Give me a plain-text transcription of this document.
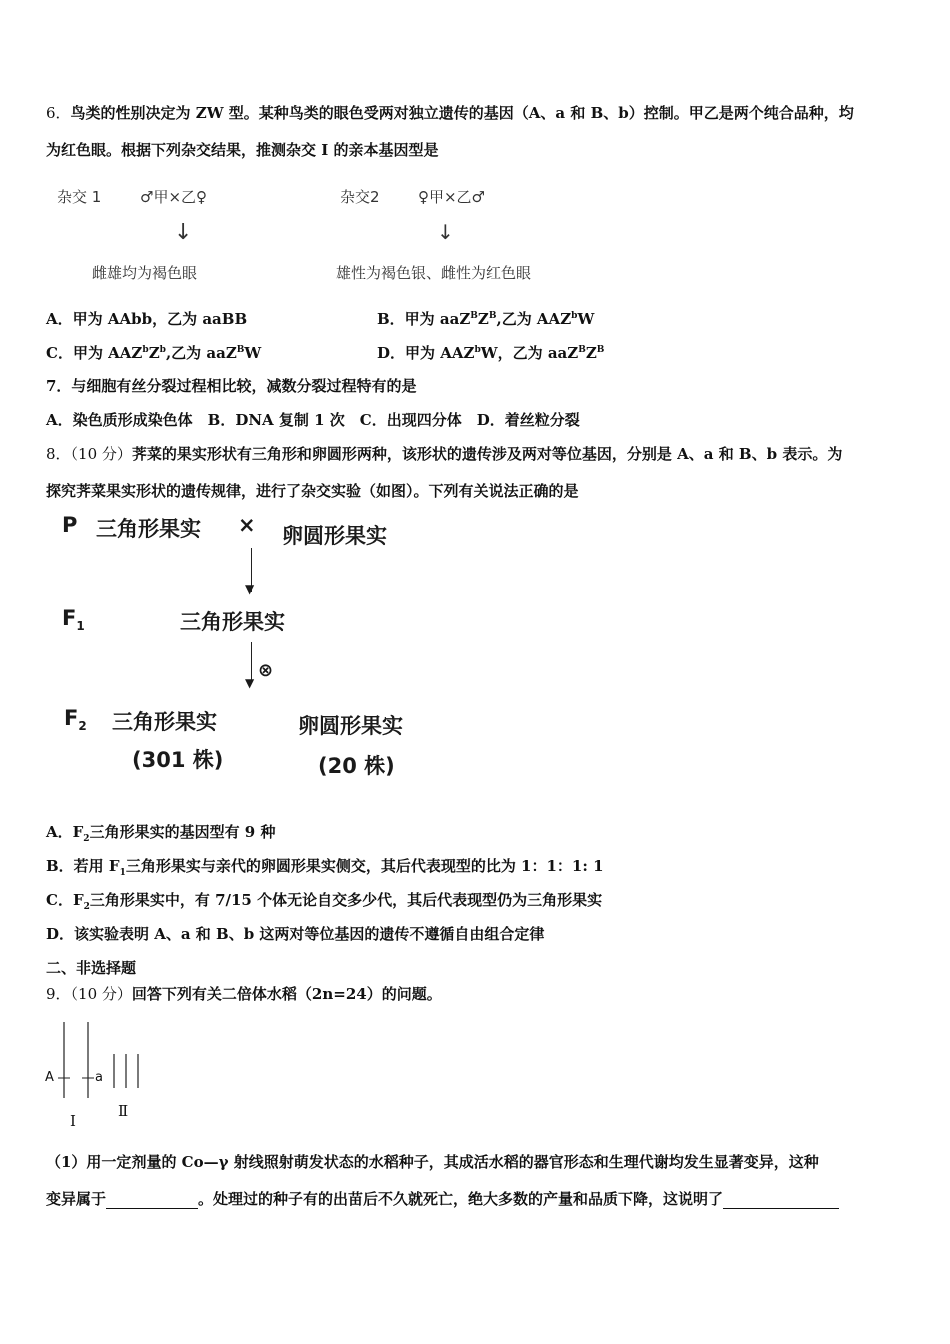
6．鸟类的性别决定为 ZW 型。某种鸟类的眼色受两对独立遗传的基因（A、a 和 B、b）控制。甲乙是两个纯合品种，均
为红色眼。根据下列杂交结果，推测杂交 I 的亲本基因型是
杂交 1	♂甲×乙♀
↓
雌雄均为褐色眼
杂交2	♀甲×乙♂
↓
雄性为褐色银、雌性为红色眼
A．甲为 AAbb，乙为 aaBB	B．甲为 $aaZ^BZ^B$,乙为 AAZ$^b$W
C．甲为 $AAZ^bZ^b$,乙为 aaZ$^B$W	D．甲为 AAZ$^b$W，乙为 $aaZ^BZ^B$
7．与细胞有丝分裂过程相比较，减数分裂过程特有的是
A．染色质形成染色体　B．DNA 复制 1 次　C．出现四分体　D．着丝粒分裂
8．（10 分）荠菜的果实形状有三角形和卵圆形两种，该形状的遗传涉及两对等位基因，分别是 A、a 和 B、b 表示。为
探究荠菜果实形状的遗传规律，进行了杂交实验（如图）。下列有关说法正确的是
P 三角形果实 × 卵圆形果实
▼
$F_1$	三角形果实
⊗
▼
$F_2$ 三角形果实	卵圆形果实
(301 株)	(20 株)
A．$F_2$三角形果实的基因型有 9 种
B．若用 $F_1$三角形果实与亲代的卵圆形果实侧交，其后代表现型的比为 1：1：1: 1
C．$F_2$三角形果实中，有 7/15 个体无论自交多少代，其后代表现型仍为三角形果实
D．该实验表明 A、a 和 B、b 这两对等位基因的遗传不遵循自由组合定律
二、非选择题
9．（10 分）回答下列有关二倍体水稻（2n=24）的问题。
A	a
Ⅰ
Ⅱ
（1）用一定剂量的 Co—γ 射线照射萌发状态的水稻种子，其成活水稻的器官形态和生理代谢均发生显著变异，这种
变异属于	。处理过的种子有的出苗后不久就死亡，绝大多数的产量和品质下降，这说明了
